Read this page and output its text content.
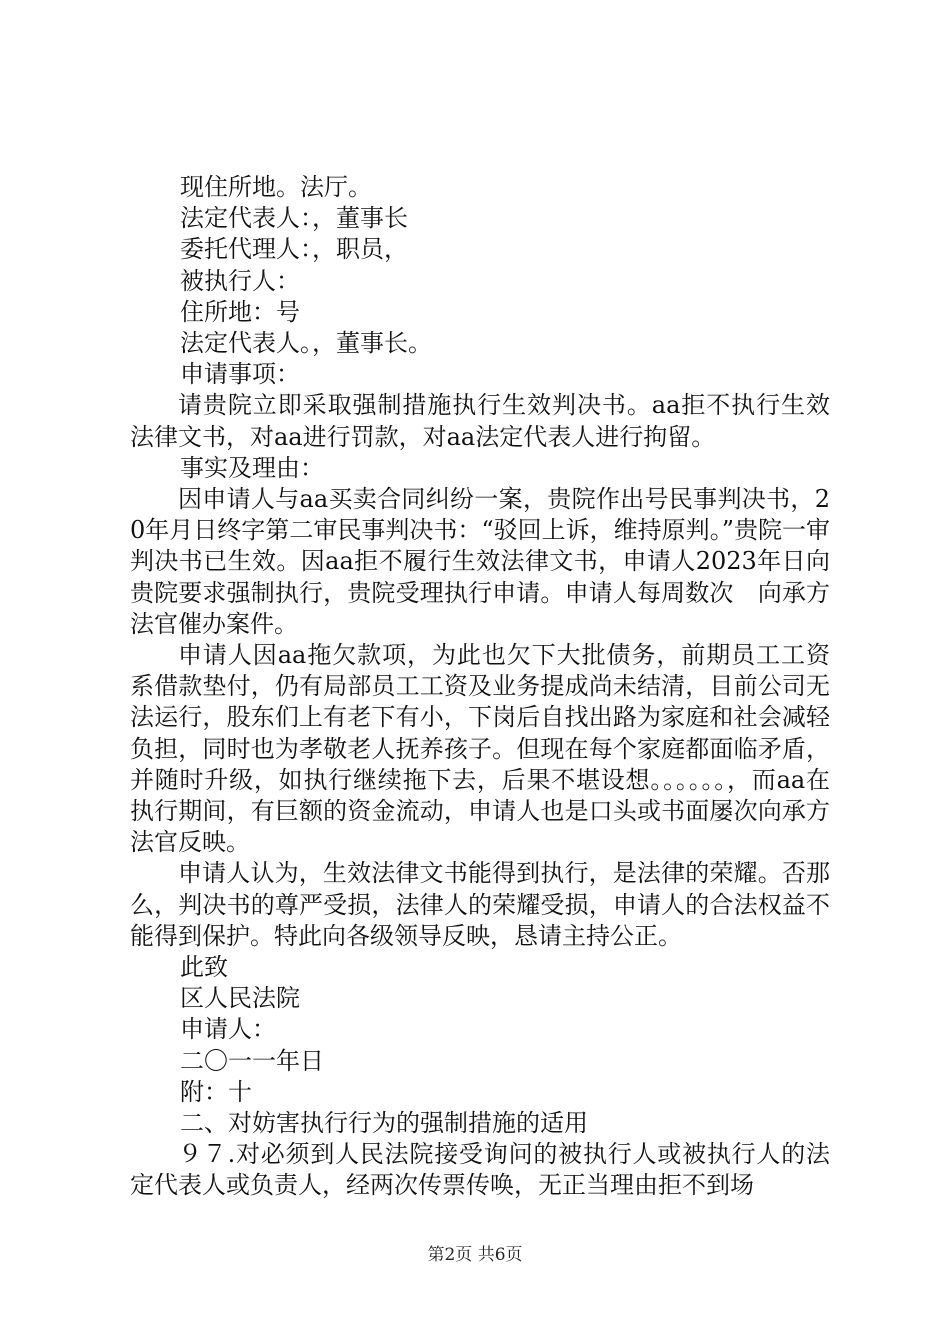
现住所地。法厅。

法定代表人：，董事长

委托代理人：，职员，

被执行人：

住所地：号

法定代表人。，董事长。

申请事项：

请贵院立即采取强制措施执行生效判决书。aa拒不执行生效法律文书，对aa进行罚款，对aa法定代表人进行拘留。

事实及理由：

因申请人与aa买卖合同纠纷一案，贵院作出号民事判决书，20年月日终字第二审民事判决书：“驳回上诉，维持原判。”贵院一审判决书已生效。因aa拒不履行生效法律文书，申请人2023年日向贵院要求强制执行，贵院受理执行申请。申请人每周数次　向承方法官催办案件。

申请人因aa拖欠款项，为此也欠下大批债务，前期员工工资系借款垫付，仍有局部员工工资及业务提成尚未结清，目前公司无法运行，股东们上有老下有小，下岗后自找出路为家庭和社会减轻负担，同时也为孝敬老人抚养孩子。但现在每个家庭都面临矛盾，并随时升级，如执行继续拖下去，后果不堪设想。。。。。。，而aa在执行期间，有巨额的资金流动，申请人也是口头或书面屡次向承方法官反映。

申请人认为，生效法律文书能得到执行，是法律的荣耀。否那么，判决书的尊严受损，法律人的荣耀受损，申请人的合法权益不能得到保护。特此向各级领导反映，恳请主持公正。

此致

区人民法院

申请人：

二〇一一年日

附：十

二、对妨害执行行为的强制措施的适用

９７.对必须到人民法院接受询问的被执行人或被执行人的法定代表人或负责人，经两次传票传唤，无正当理由拒不到场

第2页 共6页
